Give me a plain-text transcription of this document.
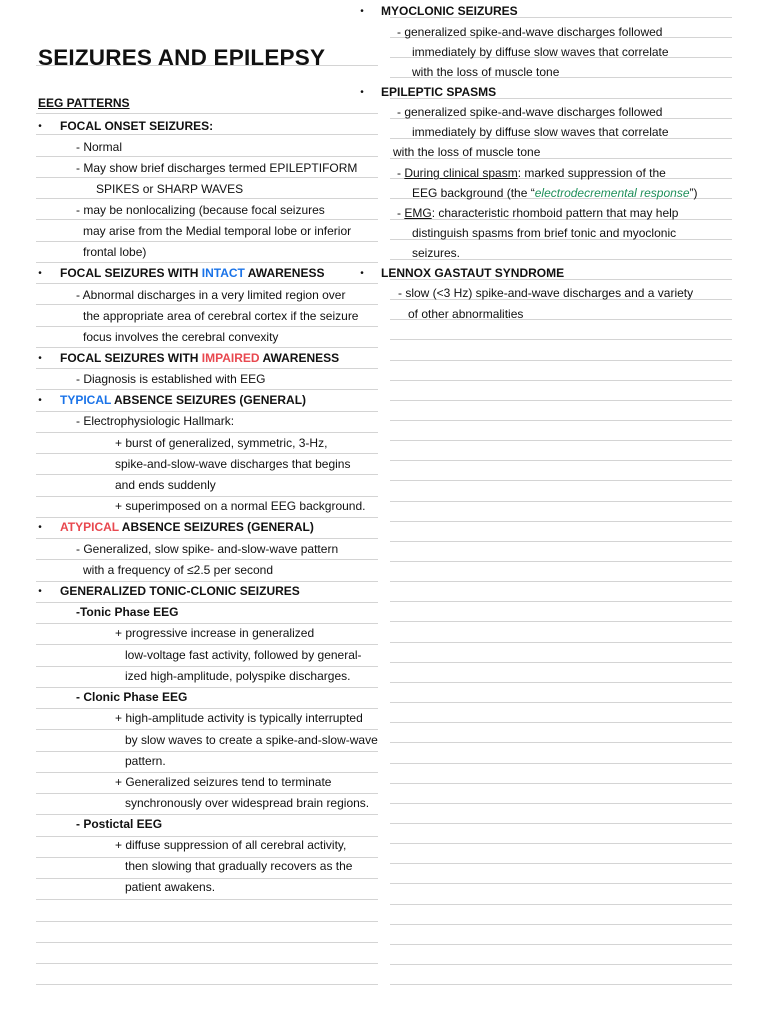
SEIZURES AND EPILEPSY
EEG PATTERNS
• FOCAL ONSET SEIZURES:
- Normal
- May show brief discharges termed EPILEPTIFORM
SPIKES or SHARP WAVES
- may be nonlocalizing (because focal seizures
may arise from the Medial temporal lobe or inferior
frontal lobe)
• FOCAL SEIZURES WITH INTACT AWARENESS
- Abnormal discharges in a very limited region over
the appropriate area of cerebral cortex if the seizure
focus involves the cerebral convexity
• FOCAL SEIZURES WITH IMPAIRED AWARENESS
- Diagnosis is established with EEG
• TYPICAL ABSENCE SEIZURES (GENERAL)
- Electrophysiologic Hallmark:
+ burst of generalized, symmetric, 3-Hz,
spike-and-slow-wave discharges that begins
and ends suddenly
+ superimposed on a normal EEG background.
• ATYPICAL ABSENCE SEIZURES (GENERAL)
- Generalized, slow spike- and-slow-wave pattern
with a frequency of ≤2.5 per second
• GENERALIZED TONIC-CLONIC SEIZURES
-Tonic Phase EEG
+ progressive increase in generalized
low-voltage fast activity, followed by general-
ized high-amplitude, polyspike discharges.
- Clonic Phase EEG
+ high-amplitude activity is typically interrupted
by slow waves to create a spike-and-slow-wave
pattern.
+ Generalized seizures tend to terminate
synchronously over widespread brain regions.
- Postictal EEG
+ diffuse suppression of all cerebral activity,
then slowing that gradually recovers as the
patient awakens.
• MYOCLONIC SEIZURES
- generalized spike-and-wave discharges followed
immediately by diffuse slow waves that correlate
with the loss of muscle tone
• EPILEPTIC SPASMS
- generalized spike-and-wave discharges followed
immediately by diffuse slow waves that correlate
with the loss of muscle tone
- During clinical spasm: marked suppression of the
EEG background (the “electrodecremental response”)
- EMG: characteristic rhomboid pattern that may help
distinguish spasms from brief tonic and myoclonic
seizures.
• LENNOX GASTAUT SYNDROME
- slow (<3 Hz) spike-and-wave discharges and a variety
of other abnormalities
